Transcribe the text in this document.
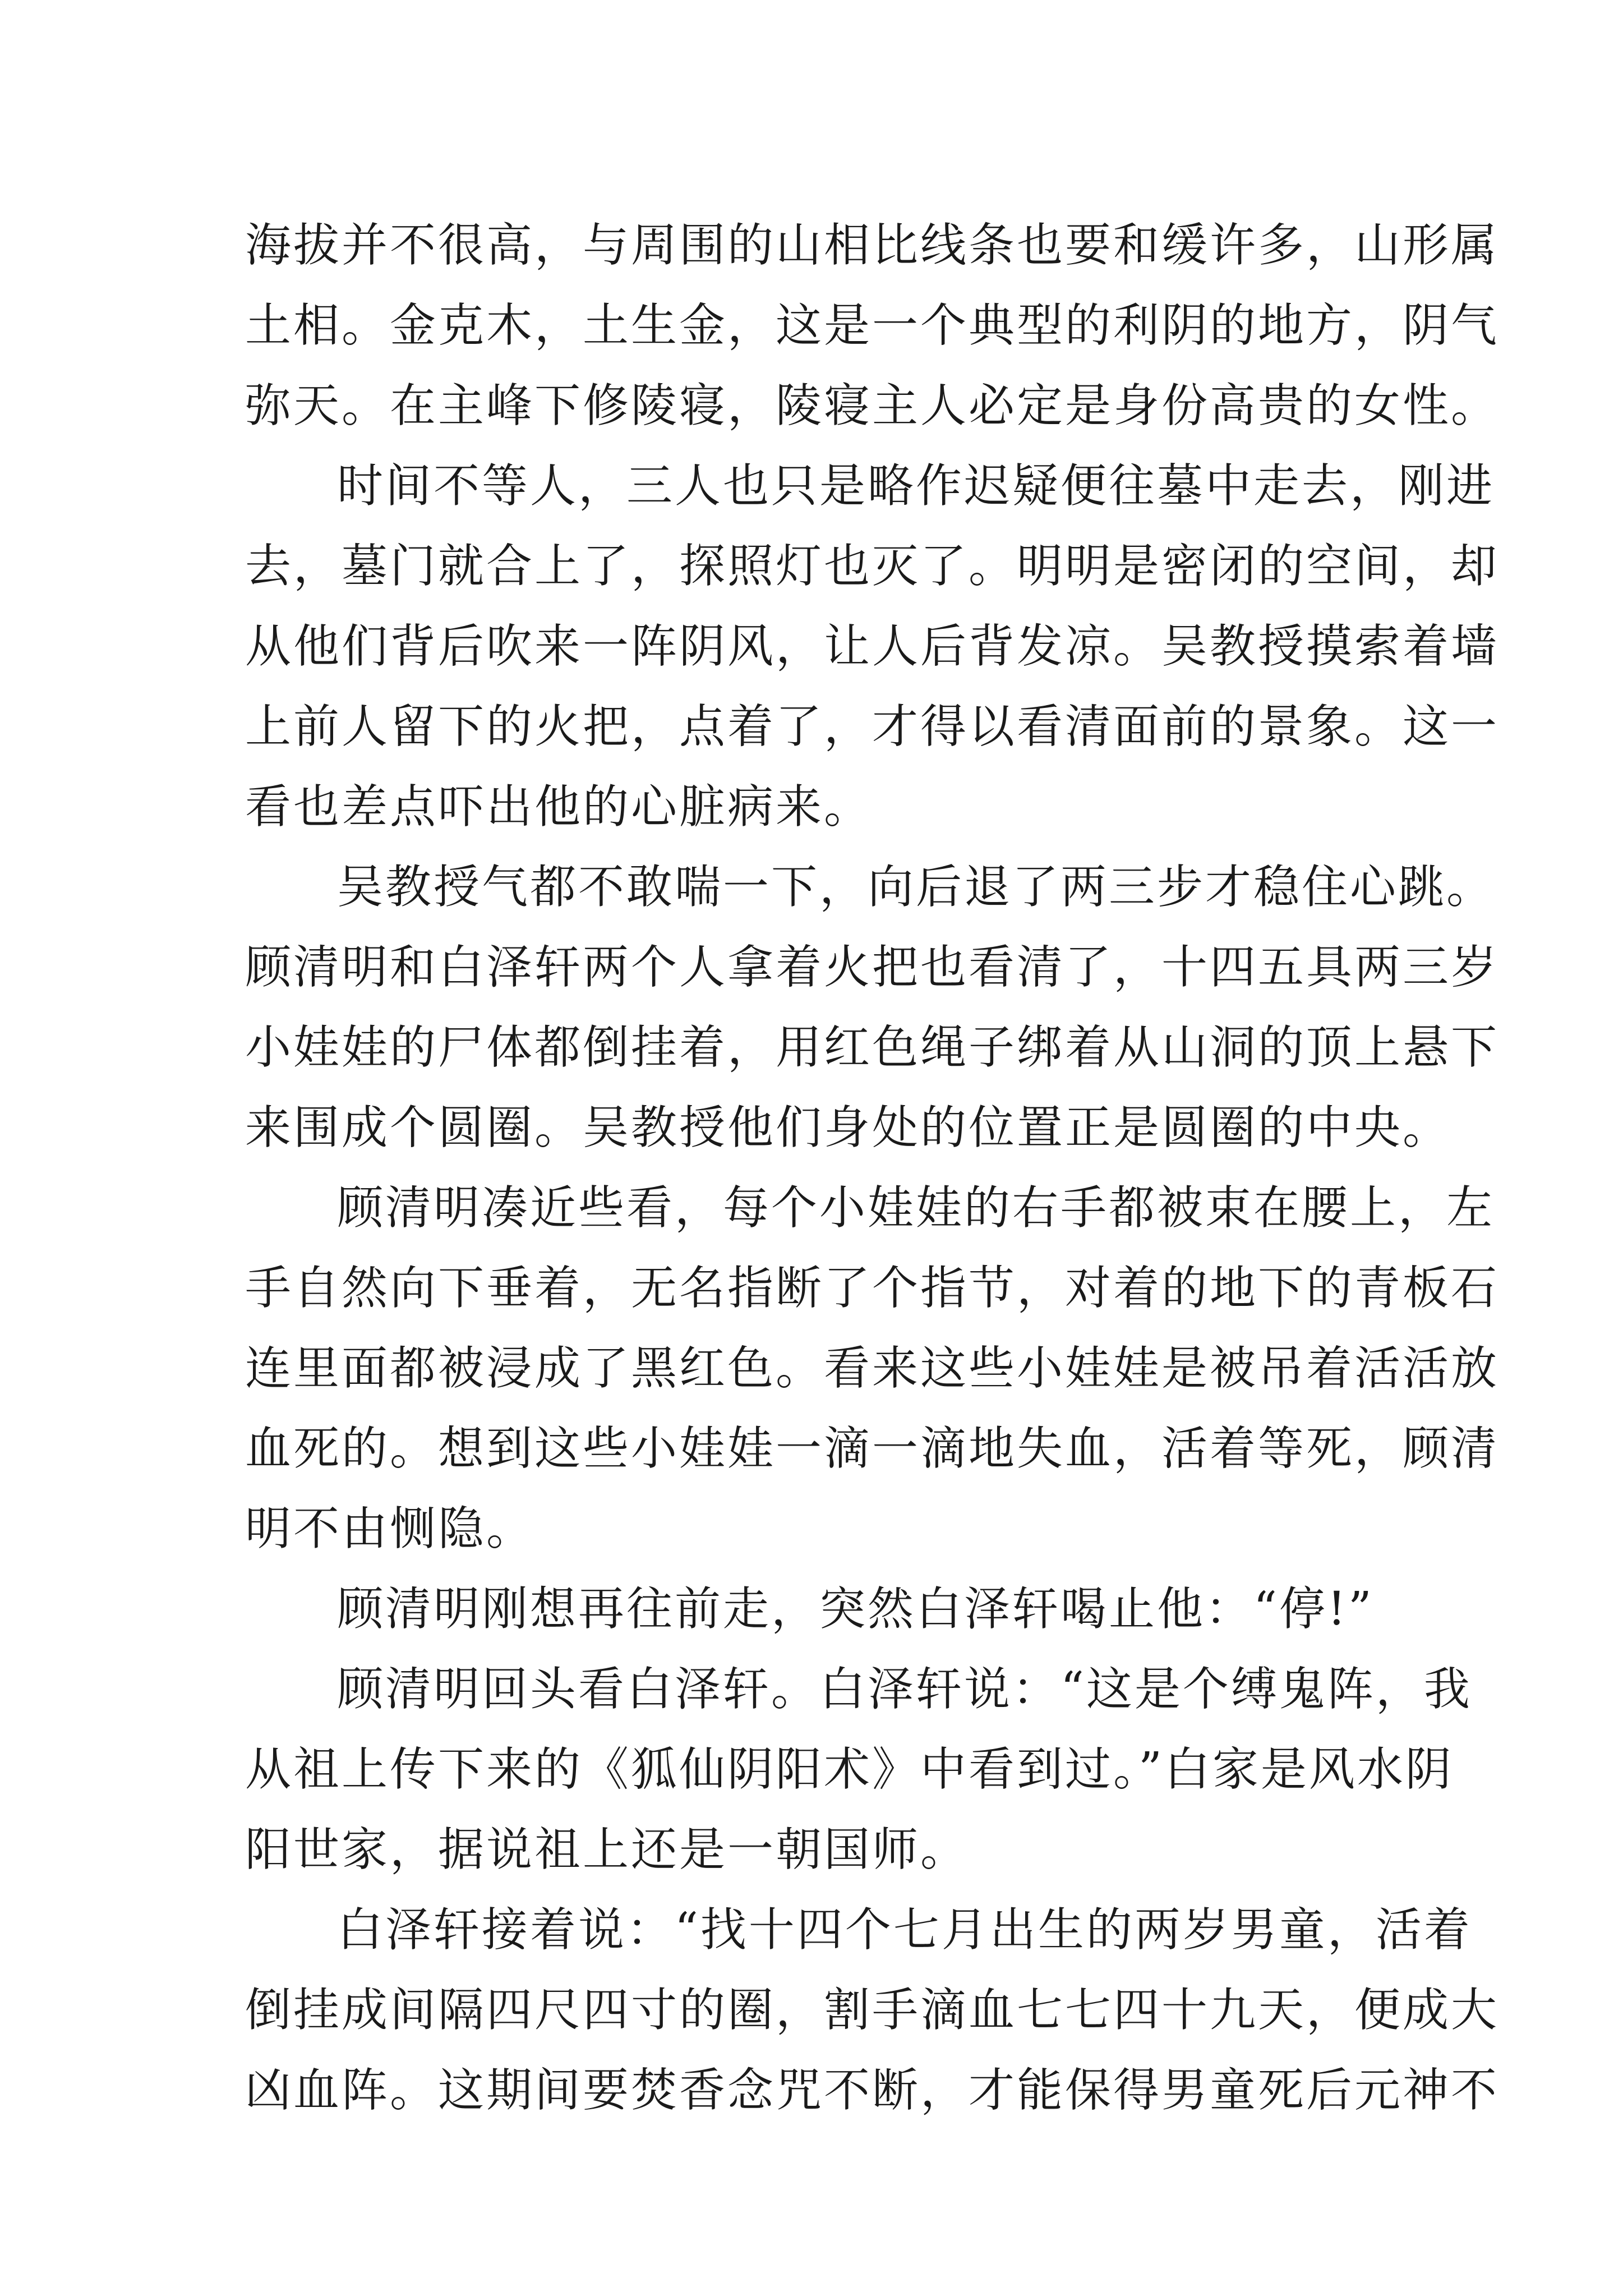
海拔并不很高，与周围的山相比线条也要和缓许多，山形属
土相。金克木，土生金，这是一个典型的利阴的地方，阴气
弥天。在主峰下修陵寝，陵寝主人必定是身份高贵的女性。
时间不等人，三人也只是略作迟疑便往墓中走去，刚进
去，墓门就合上了，探照灯也灭了。明明是密闭的空间，却
从他们背后吹来一阵阴风，让人后背发凉。吴教授摸索着墙
上前人留下的火把，点着了，才得以看清面前的景象。这一
看也差点吓出他的心脏病来。
吴教授气都不敢喘一下，向后退了两三步才稳住心跳。
顾清明和白泽轩两个人拿着火把也看清了，十四五具两三岁
小娃娃的尸体都倒挂着，用红色绳子绑着从山洞的顶上悬下
来围成个圆圈。吴教授他们身处的位置正是圆圈的中央。
顾清明凑近些看，每个小娃娃的右手都被束在腰上，左
手自然向下垂着，无名指断了个指节，对着的地下的青板石
连里面都被浸成了黑红色。看来这些小娃娃是被吊着活活放
血死的。想到这些小娃娃一滴一滴地失血，活着等死，顾清
明不由恻隐。
顾清明刚想再往前走，突然白泽轩喝止他：“停!”
顾清明回头看白泽轩。白泽轩说：“这是个缚鬼阵，我
从祖上传下来的《狐仙阴阳术》中看到过。”白家是风水阴
阳世家，据说祖上还是一朝国师。
白泽轩接着说：“找十四个七月出生的两岁男童，活着
倒挂成间隔四尺四寸的圈，割手滴血七七四十九天，便成大
凶血阵。这期间要焚香念咒不断，才能保得男童死后元神不
